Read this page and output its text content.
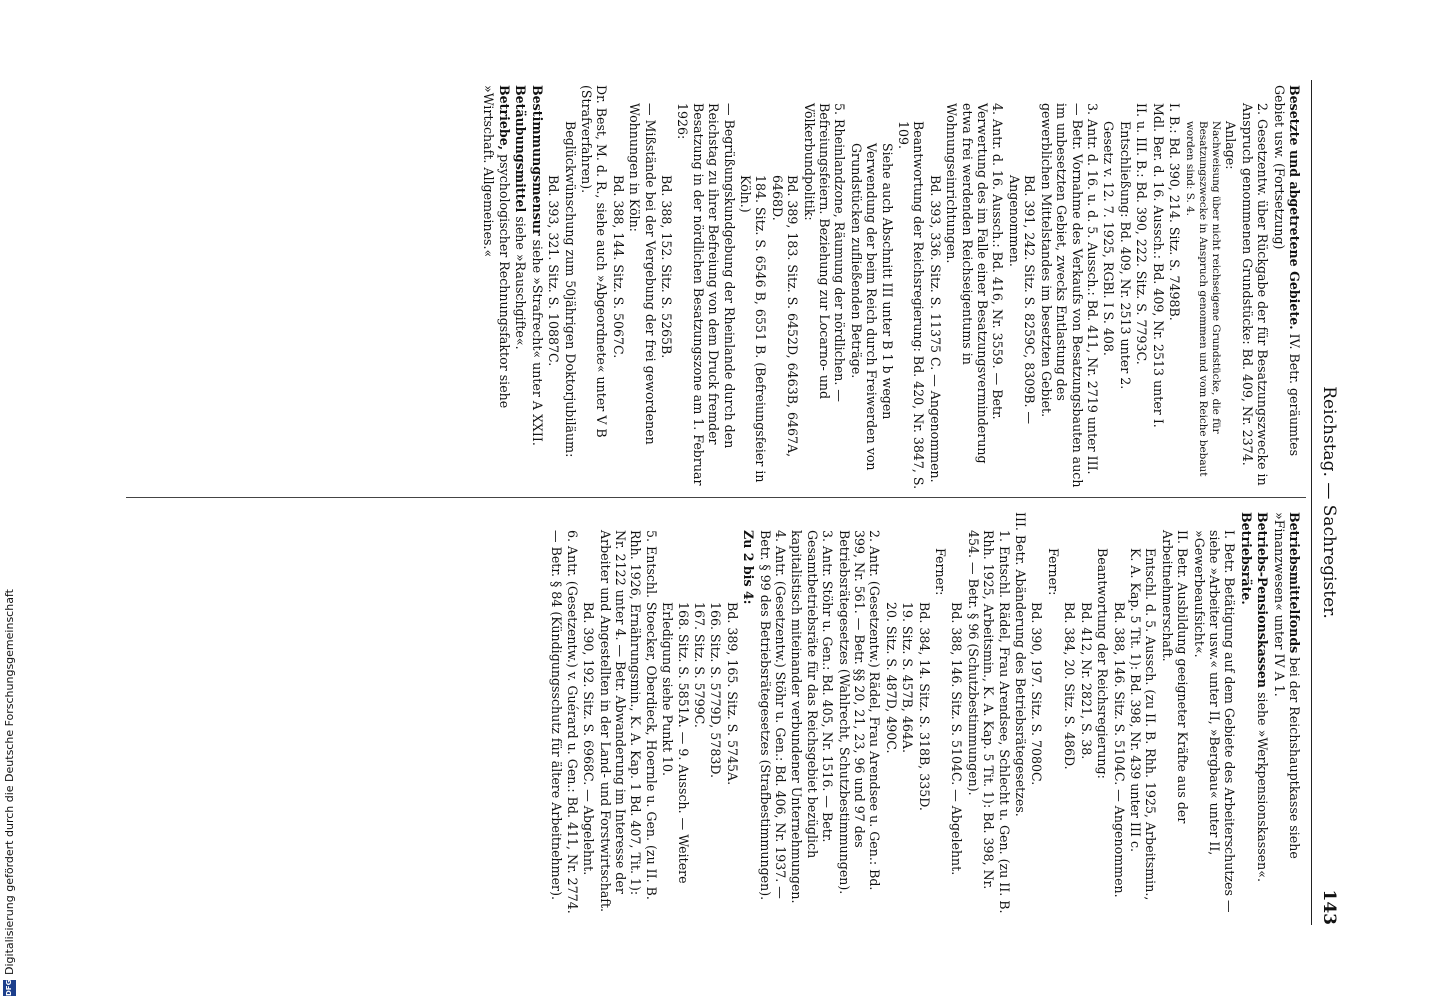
Reichstag. — Sachregister.
143
Besetzte und abgetretene Gebiete. IV. Betr. geräumtes Gebiet usw. (Fortsetzung)
2. Gesetzentw. über Rückgabe der für Besatzungszwecke in Anspruch genommenen Grundstücke: Bd. 409, Nr. 2374.
Anlage:
Nachweisung über nicht reichseigene Grundstücke, die für Besatzungszwecke in Anspruch genommen und vom Reiche bebaut worden sind: S. 4.
I. B.: Bd. 390, 214. Sitz. S. 7498B.
Mdl. Ber. d. 16. Aussch.: Bd. 409, Nr. 2513 unter I.
II. u. III. B.: Bd. 390, 222. Sitz. S. 7793C.
Entschließung: Bd. 409, Nr. 2513 unter 2.
Gesetz v. 12. 7. 1925, RGBl. I S. 408.
3. Antr. d. 16. u. d. 5. Aussch.: Bd. 411, Nr. 2719 unter III. — Betr. Vornahme des Verkaufs von Besatzungsbauten auch im unbesetzten Gebiet, zwecks Entlastung des gewerblichen Mittelstandes im besetzten Gebiet.
Bd. 391, 242. Sitz. S. 8259C, 8309B. — Angenommen.
4. Antr. d. 16. Aussch.: Bd. 416, Nr. 3559. — Betr. Verwertung des im Falle einer Besatzungsverminderung etwa frei werdenden Reichseigentums in Wohnungseinrichtungen.
Bd. 393, 336. Sitz. S. 11375 C. — Angenommen.
Beantwortung der Reichsregierung: Bd. 420, Nr. 3847, S. 109.
Siehe auch Abschnitt III unter B 1 b wegen Verwendung der beim Reich durch Freiwerden von Grundstücken zufließenden Beträge.
5. Rheinlandzone, Räumung der nördlichen. — Befreiungsfeiern. Beziehung zur Locarno- und Völkerbundpolitik:
Bd. 389, 183. Sitz. S. 6452D, 6463B, 6467A, 6468D.
184. Sitz. S. 6546 B, 6551 B. (Befreiungsfeier in Köln.)
— Begrüßungskundgebung der Rheinlande durch den Reichstag zu ihrer Befreiung von dem Druck fremder Besatzung in der nördlichen Besatzungszone am 1. Februar 1926:
Bd. 388, 152. Sitz. S. 5265B.
— Mißstände bei der Vergebung der frei gewordenen Wohnungen in Köln:
Bd. 388, 144. Sitz. S. 5067C.
Dr. Best, M. d. R., siehe auch »Abgeordnete« unter V B (Strafverfahren).
Beglückwünschung zum 50jährigen Doktorjubiläum:
Bd. 393, 321. Sitz. S. 10887C.
Bestimmungsmensur siehe »Strafrecht« unter A XXII.
Betäubungsmittel siehe »Rauschgifte«.
Betriebe, psychologischer Rechnungsfaktor siehe »Wirtschaft. Allgemeines.«
Betriebsmittelfonds bei der Reichshauptkasse siehe »Finanzwesen« unter IV A 1.
Betriebs-Pensionskassen siehe »Werkpensionskassen«.
Betriebsräte.
I. Betr. Betätigung auf dem Gebiete des Arbeiterschutzes — siehe »Arbeiter usw.« unter II, »Bergbau« unter II, »Gewerbeaufsicht«.
II. Betr. Ausbildung geeigneter Kräfte aus der Arbeitnehmerschaft.
Entschl. d. 5. Aussch. (zu II. B. Rhh. 1925, Arbeitsmin., K. A. Kap. 5 Tit. 1): Bd. 398, Nr. 439 unter III c.
Bd. 388, 146. Sitz. S. 5104C. — Angenommen.
Beantwortung der Reichsregierung:
Bd. 412, Nr. 2821, S. 38.
Bd. 384, 20. Sitz. S. 486D.
Ferner:
Bd. 390, 197. Sitz. S. 7080C.
III. Betr. Abänderung des Betriebsrätegesetzes.
1. Entschl. Rädel, Frau Arendsee, Schlecht u. Gen. (zu II. B. Rhh. 1925, Arbeitsmin., K. A. Kap. 5 Tit. 1): Bd. 398, Nr. 454. — Betr. § 96 (Schutzbestimmungen).
Bd. 388, 146. Sitz. S. 5104C. — Abgelehnt.
Ferner:
Bd. 384, 14. Sitz. S. 318B, 335D.
19. Sitz. S. 457B, 464A.
20. Sitz. S. 487D, 490C.
2. Antr. (Gesetzentw.) Rädel, Frau Arendsee u. Gen.: Bd. 399, Nr. 561. — Betr. §§ 20, 21, 23, 96 und 97 des Betriebsrätegesetzes (Wahlrecht, Schutzbestimmungen).
3. Antr. Stöhr u. Gen.: Bd. 405, Nr. 1516. — Betr. Gesamtbetriebsräte für das Reichsgebiet bezüglich kapitalistisch miteinander verbundener Unternehmungen.
4. Antr. (Gesetzentw.) Stöhr u. Gen.: Bd. 406, Nr. 1937. — Betr. § 99 des Betriebsrätegesetzes (Strafbestimmungen).
Zu 2 bis 4:
Bd. 389, 165. Sitz. S. 5745A.
166. Sitz. S. 5779D, 5783D.
167. Sitz. S. 5799C.
168. Sitz. S. 5851A. — 9. Aussch. — Weitere Erledigung siehe Punkt 10.
5. Entschl. Stoecker, Oberdieck, Hoernle u. Gen. (zu II. B. Rhh. 1926, Ernährungsmin., K. A. Kap. 1 Bd. 407, Tit. 1): Nr. 2122 unter 4. — Betr. Abwanderung im Interesse der Arbeiter und Angestellten in der Land- und Forstwirtschaft.
Bd. 390, 192. Sitz. S. 6968C. — Abgelehnt.
6. Antr. (Gesetzentw.) v. Guérard u. Gen.: Bd. 411, Nr. 2774. — Betr. § 84 (Kündigungsschutz für ältere Arbeitnehmer).
DFG
Digitalisierung gefördert durch die Deutsche Forschungsgemeinschaft
